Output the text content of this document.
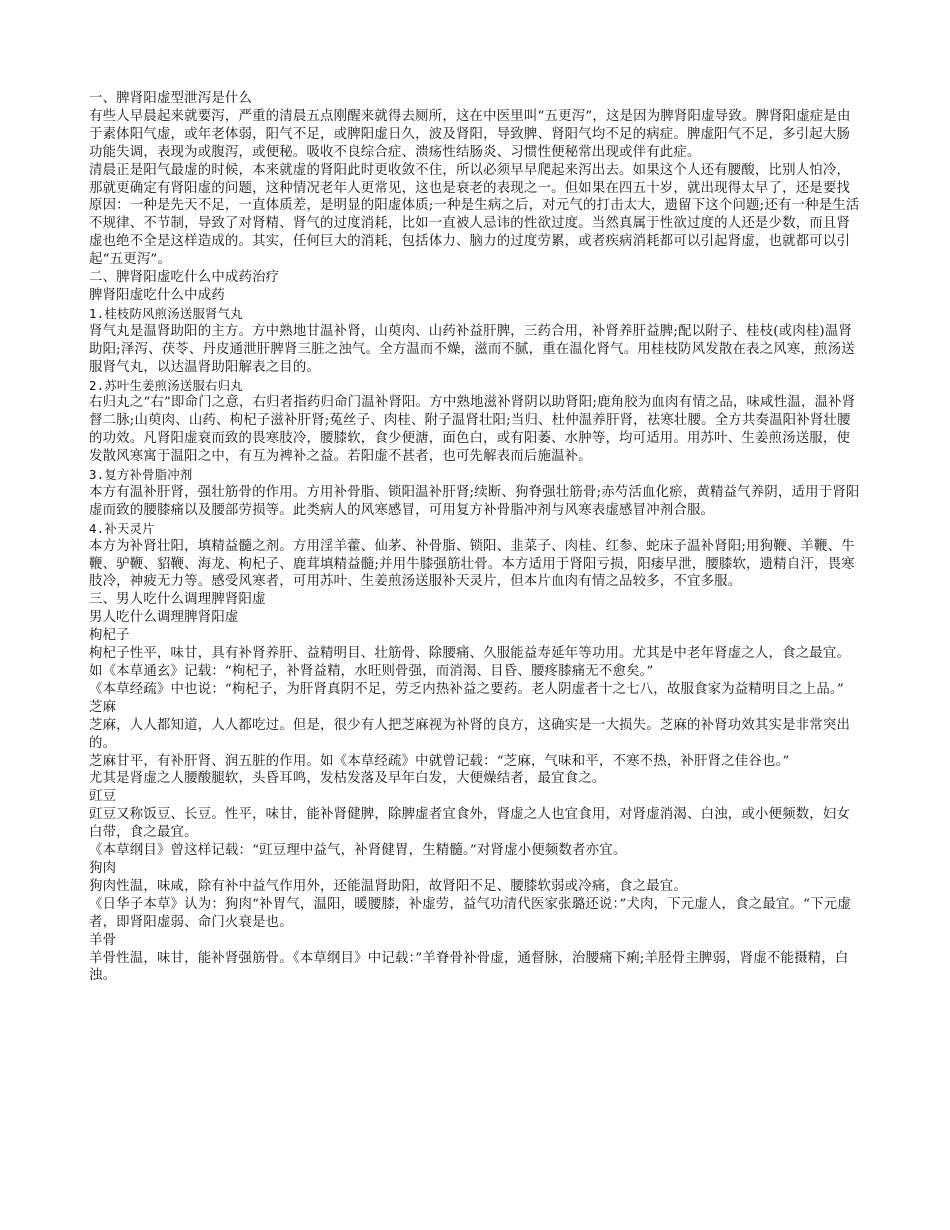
一、脾肾阳虚型泄泻是什么
有些人早晨起来就要泻，严重的清晨五点刚醒来就得去厕所，这在中医里叫“五更泻”，这是因为脾肾阳虚导致。脾肾阳虚症是由于素体阳气虚，或年老体弱，阳气不足，或脾阳虚日久，波及肾阳，导致脾、肾阳气均不足的病症。脾虚阳气不足，多引起大肠功能失调，表现为或腹泻，或便秘。吸收不良综合症、溃疡性结肠炎、习惯性便秘常出现或伴有此症。
清晨正是阳气最虚的时候，本来就虚的肾阳此时更收敛不住，所以必须早早爬起来泻出去。如果这个人还有腰酸，比别人怕冷，那就更确定有肾阳虚的问题，这种情况老年人更常见，这也是衰老的表现之一。但如果在四五十岁，就出现得太早了，还是要找原因：一种是先天不足，一直体质差，是明显的阳虚体质;一种是生病之后，对元气的打击太大，遗留下这个问题;还有一种是生活不规律、不节制，导致了对肾精、肾气的过度消耗，比如一直被人忌讳的性欲过度。当然真属于性欲过度的人还是少数，而且肾虚也绝不全是这样造成的。其实，任何巨大的消耗，包括体力、脑力的过度劳累，或者疾病消耗都可以引起肾虚，也就都可以引起“五更泻”。
二、脾肾阳虚吃什么中成药治疗
脾肾阳虚吃什么中成药
1.桂枝防风煎汤送服肾气丸
肾气丸是温肾助阳的主方。方中熟地甘温补肾，山萸肉、山药补益肝脾，三药合用，补肾养肝益脾;配以附子、桂枝(或肉桂)温肾助阳;泽泻、茯苓、丹皮通泄肝脾肾三脏之浊气。全方温而不燥，滋而不腻，重在温化肾气。用桂枝防风发散在表之风寒，煎汤送服肾气丸，以达温肾助阳解表之目的。
2.苏叶生姜煎汤送服右归丸
右归丸之“右”即命门之意，右归者指药归命门温补肾阳。方中熟地滋补肾阴以助肾阳;鹿角胶为血肉有情之品，味咸性温，温补肾督二脉;山萸肉、山药、枸杞子滋补肝肾;菟丝子、肉桂、附子温肾壮阳;当归、杜仲温养肝肾，祛寒壮腰。全方共奏温阳补肾壮腰的功效。凡肾阳虚衰而致的畏寒肢冷，腰膝软，食少便溏，面色白，或有阳萎、水肿等，均可适用。用苏叶、生姜煎汤送服，使发散风寒寓于温阳之中，有互为裨补之益。若阳虚不甚者，也可先解表而后施温补。
3.复方补骨脂冲剂
本方有温补肝肾，强壮筋骨的作用。方用补骨脂、锁阳温补肝肾;续断、狗脊强壮筋骨;赤芍活血化瘀，黄精益气养阴，适用于肾阳虚而致的腰膝痛以及腰部劳损等。此类病人的风寒感冒，可用复方补骨脂冲剂与风寒表虚感冒冲剂合服。
4.补天灵片
本方为补肾壮阳，填精益髓之剂。方用淫羊藿、仙茅、补骨脂、锁阳、韭菜子、肉桂、红参、蛇床子温补肾阳;用狗鞭、羊鞭、牛鞭、驴鞭、貂鞭、海龙、枸杞子、鹿茸填精益髓;并用牛膝强筋壮骨。本方适用于肾阳亏损，阳痿早泄，腰膝软，遗精自汗，畏寒肢冷，神疲无力等。感受风寒者，可用苏叶、生姜煎汤送服补天灵片，但本片血肉有情之品较多，不宜多服。
三、男人吃什么调理脾肾阳虚
男人吃什么调理脾肾阳虚
枸杞子
枸杞子性平，味甘，具有补肾养肝、益精明目、壮筋骨、除腰痛、久服能益寿延年等功用。尤其是中老年肾虚之人，食之最宜。
如《本草通玄》记载：“枸杞子，补肾益精，水旺则骨强，而消渴、目昏、腰疼膝痛无不愈矣。”
《本草经疏》中也说：“枸杞子，为肝肾真阴不足，劳乏内热补益之要药。老人阴虚者十之七八，故服食家为益精明目之上品。”
芝麻
芝麻，人人都知道，人人都吃过。但是，很少有人把芝麻视为补肾的良方，这确实是一大损失。芝麻的补肾功效其实是非常突出的。
芝麻甘平，有补肝肾、润五脏的作用。如《本草经疏》中就曾记载：“芝麻，气味和平，不寒不热，补肝肾之佳谷也。”
尤其是肾虚之人腰酸腿软，头昏耳鸣，发枯发落及早年白发，大便燥结者，最宜食之。
豇豆
豇豆又称饭豆、长豆。性平，味甘，能补肾健脾，除脾虚者宜食外，肾虚之人也宜食用，对肾虚消渴、白浊，或小便频数，妇女白带，食之最宜。
《本草纲目》曾这样记载：“豇豆理中益气，补肾健胃，生精髓。”对肾虚小便频数者亦宜。
狗肉
狗肉性温，味咸，除有补中益气作用外，还能温肾助阳，故肾阳不足、腰膝软弱或冷痛，食之最宜。
《日华子本草》认为：狗肉“补胃气，温阳，暖腰膝，补虚劳，益气功清代医家张璐还说：”犬肉，下元虚人，食之最宜。“下元虚者，即肾阳虚弱、命门火衰是也。
羊骨
羊骨性温，味甘，能补肾强筋骨。《本草纲目》中记载：”羊脊骨补骨虚，通督脉，治腰痛下痢;羊胫骨主脾弱，肾虚不能摄精，白浊。
